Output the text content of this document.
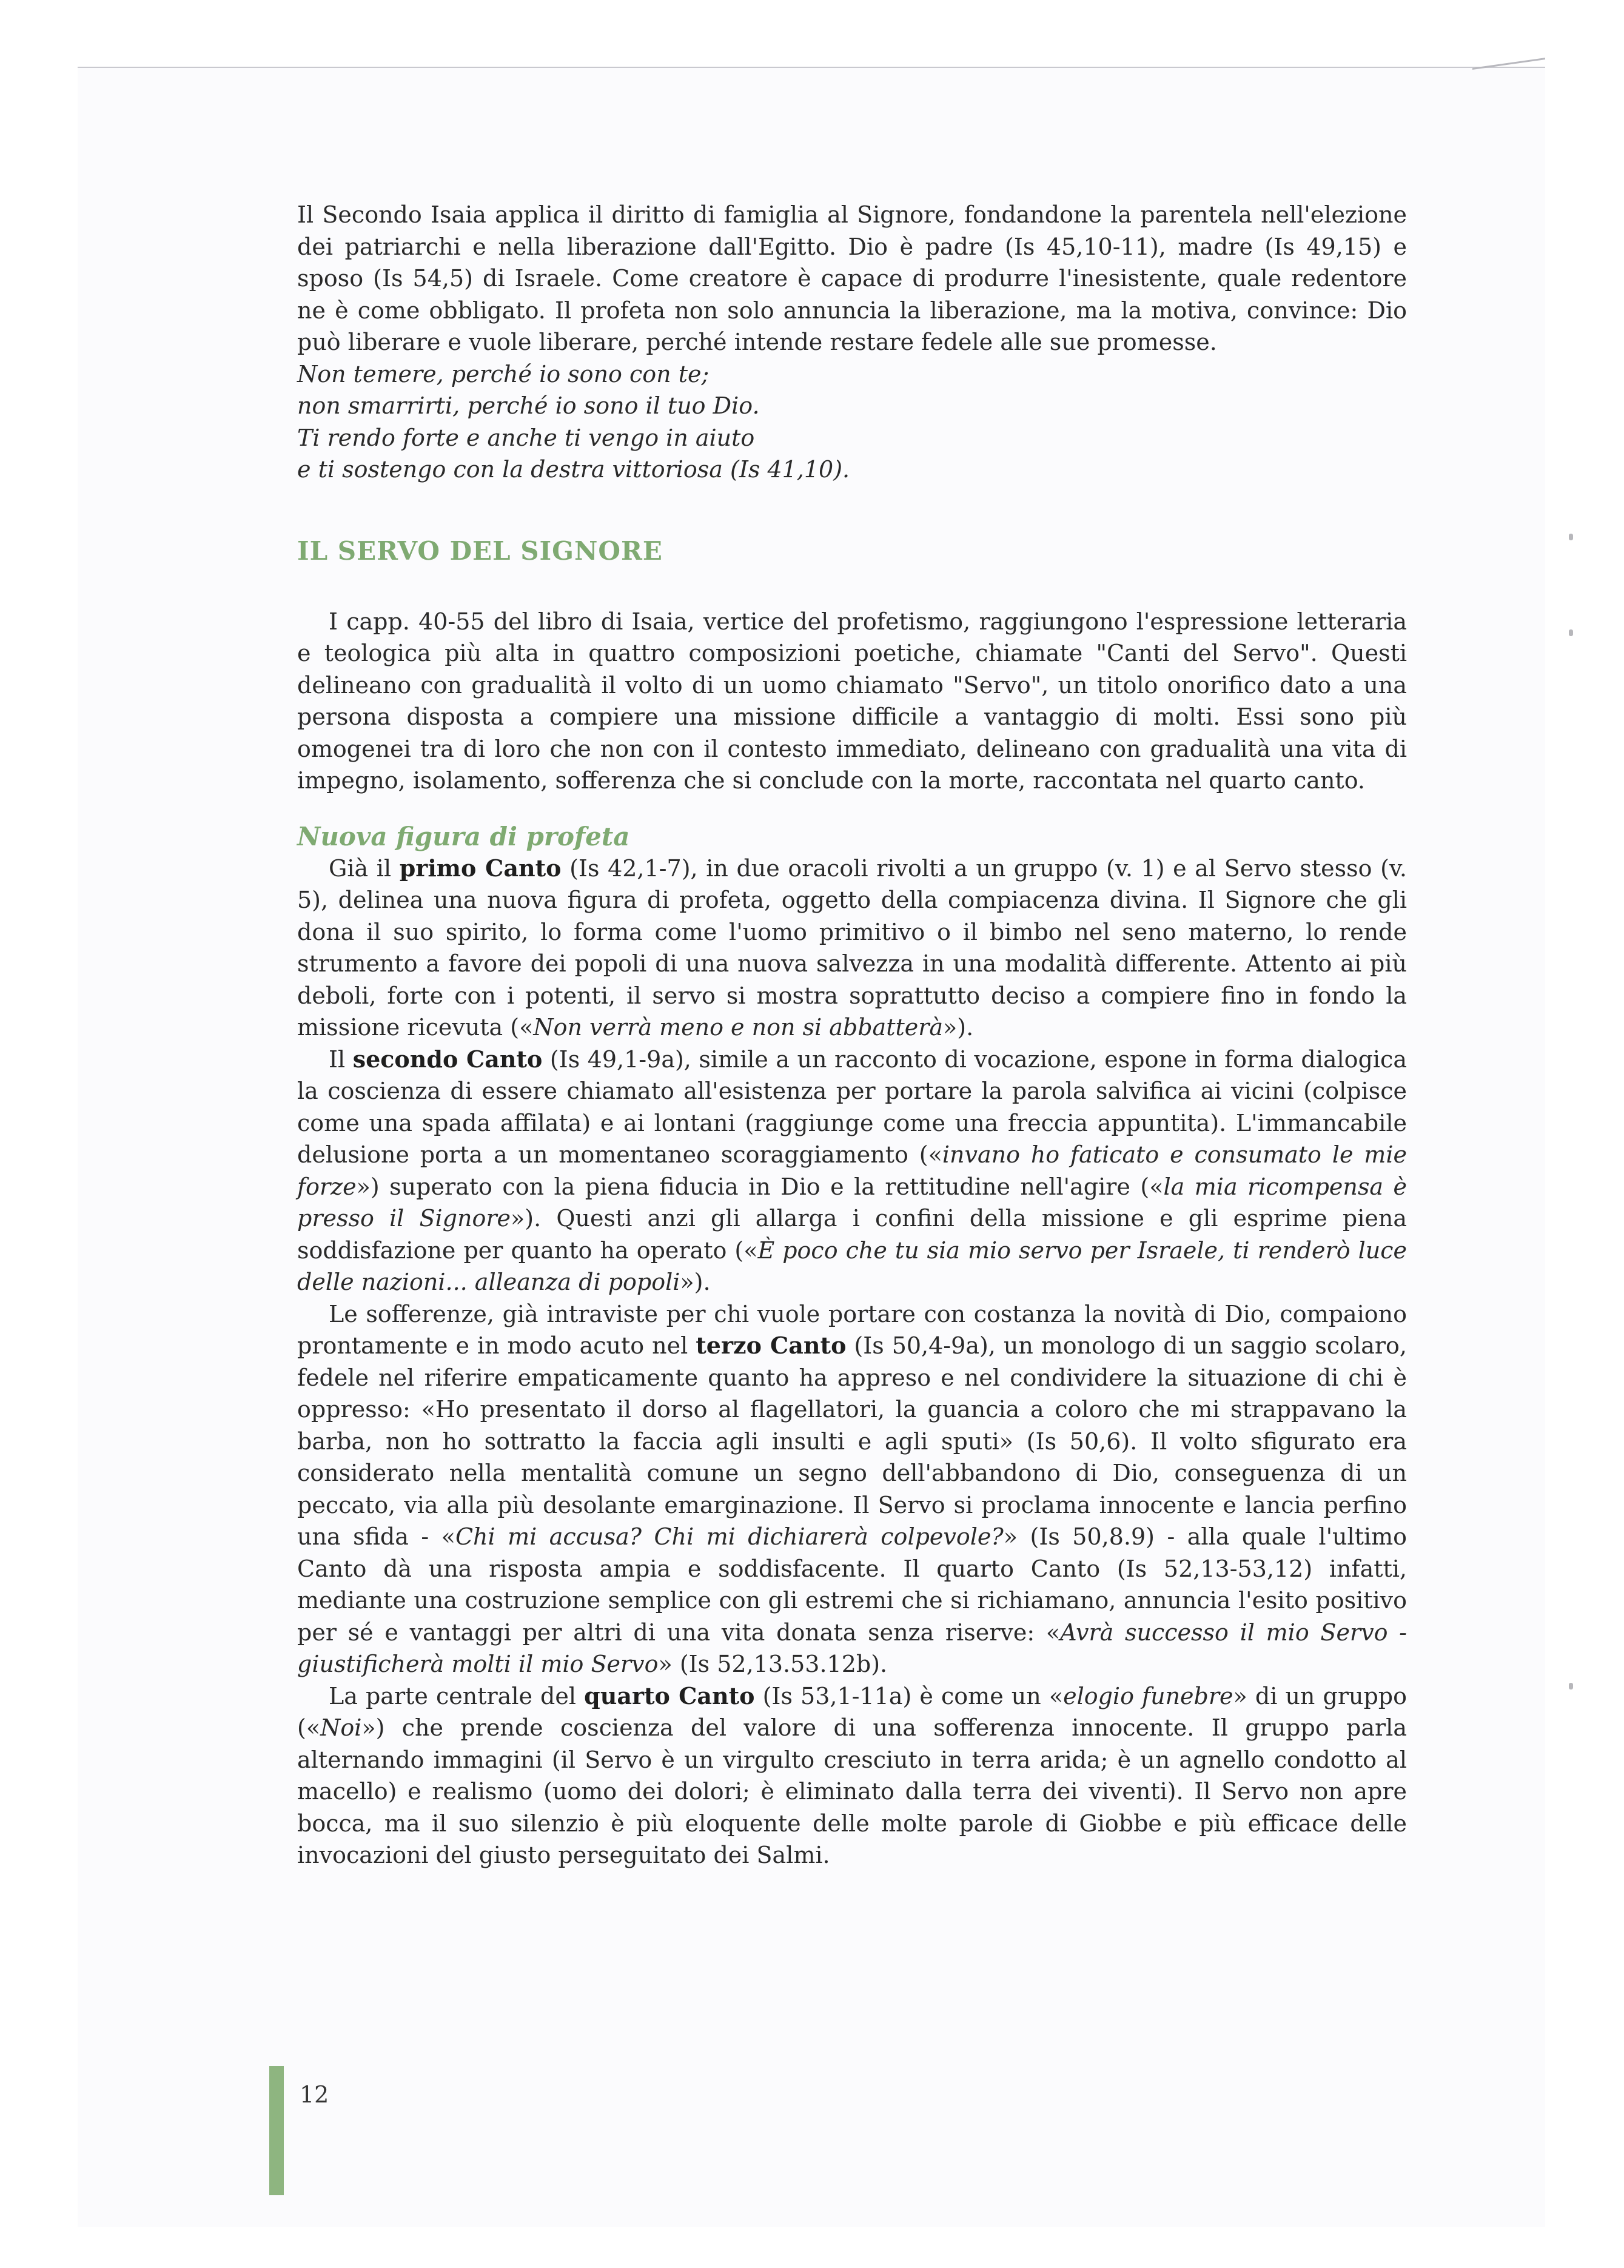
Il Secondo Isaia applica il diritto di famiglia al Signore, fondandone la parentela nell'elezione dei patriarchi e nella liberazione dall'Egitto. Dio è padre (Is 45,10-11), madre (Is 49,15) e sposo (Is 54,5) di Israele. Come creatore è capace di produrre l'inesistente, quale redentore ne è come obbligato. Il profeta non solo annuncia la liberazione, ma la motiva, convince: Dio può liberare e vuole liberare, perché intende restare fedele alle sue promesse.

Non temere, perché io sono con te;

non smarrirti, perché io sono il tuo Dio.

Ti rendo forte e anche ti vengo in aiuto

e ti sostengo con la destra vittoriosa (Is 41,10).

IL SERVO DEL SIGNORE

I capp. 40-55 del libro di Isaia, vertice del profetismo, raggiungono l'espressione letteraria e teologica più alta in quattro composizioni poetiche, chiamate "Canti del Servo". Questi delineano con gradualità il volto di un uomo chiamato "Servo", un titolo onorifico dato a una persona disposta a compiere una missione difficile a vantaggio di molti. Essi sono più omogenei tra di loro che non con il contesto immediato, delineano con gradualità una vita di impegno, isolamento, sofferenza che si conclude con la morte, raccontata nel quarto canto.

Nuova figura di profeta

Già il primo Canto (Is 42,1-7), in due oracoli rivolti a un gruppo (v. 1) e al Servo stesso (v. 5), delinea una nuova figura di profeta, oggetto della compiacenza divina. Il Signore che gli dona il suo spirito, lo forma come l'uomo primitivo o il bimbo nel seno materno, lo rende strumento a favore dei popoli di una nuova salvezza in una modalità differente. Attento ai più deboli, forte con i potenti, il servo si mostra soprattutto deciso a compiere fino in fondo la missione ricevuta («Non verrà meno e non si abbatterà»).

Il secondo Canto (Is 49,1-9a), simile a un racconto di vocazione, espone in forma dialogica la coscienza di essere chiamato all'esistenza per portare la parola salvifica ai vicini (colpisce come una spada affilata) e ai lontani (raggiunge come una freccia appuntita). L'immancabile delusione porta a un momentaneo scoraggiamento («invano ho faticato e consumato le mie forze») superato con la piena fiducia in Dio e la rettitudine nell'agire («la mia ricompensa è presso il Signore»). Questi anzi gli allarga i confini della missione e gli esprime piena soddisfazione per quanto ha operato («È poco che tu sia mio servo per Israele, ti renderò luce delle nazioni... alleanza di popoli»).

Le sofferenze, già intraviste per chi vuole portare con costanza la novità di Dio, compaiono prontamente e in modo acuto nel terzo Canto (Is 50,4-9a), un monologo di un saggio scolaro, fedele nel riferire empaticamente quanto ha appreso e nel condividere la situazione di chi è oppresso: «Ho presentato il dorso al flagellatori, la guancia a coloro che mi strappavano la barba, non ho sottratto la faccia agli insulti e agli sputi» (Is 50,6). Il volto sfigurato era considerato nella mentalità comune un segno dell'abbandono di Dio, conseguenza di un peccato, via alla più desolante emarginazione. Il Servo si proclama innocente e lancia perfino una sfida - «Chi mi accusa? Chi mi dichiarerà colpevole?» (Is 50,8.9) - alla quale l'ultimo Canto dà una risposta ampia e soddisfacente. Il quarto Canto (Is 52,13-53,12) infatti, mediante una costruzione semplice con gli estremi che si richiamano, annuncia l'esito positivo per sé e vantaggi per altri di una vita donata senza riserve: «Avrà successo il mio Servo - giustificherà molti il mio Servo» (Is 52,13.53.12b).

La parte centrale del quarto Canto (Is 53,1-11a) è come un «elogio funebre» di un gruppo («Noi») che prende coscienza del valore di una sofferenza innocente. Il gruppo parla alternando immagini (il Servo è un virgulto cresciuto in terra arida; è un agnello condotto al macello) e realismo (uomo dei dolori; è eliminato dalla terra dei viventi). Il Servo non apre bocca, ma il suo silenzio è più eloquente delle molte parole di Giobbe e più efficace delle invocazioni del giusto perseguitato dei Salmi.

12
